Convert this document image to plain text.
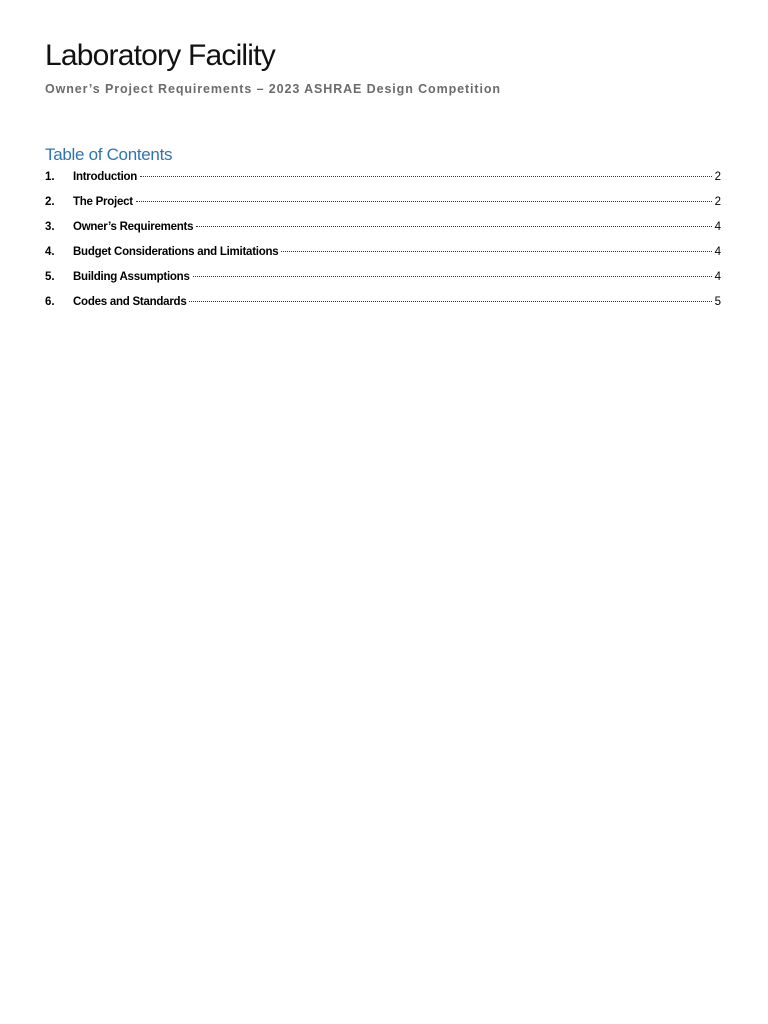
Laboratory Facility
Owner’s Project Requirements – 2023 ASHRAE Design Competition
Table of Contents
1.	Introduction	2
2.	The Project	2
3.	Owner’s Requirements	4
4.	Budget Considerations and Limitations	4
5.	Building Assumptions	4
6.	Codes and Standards	5
